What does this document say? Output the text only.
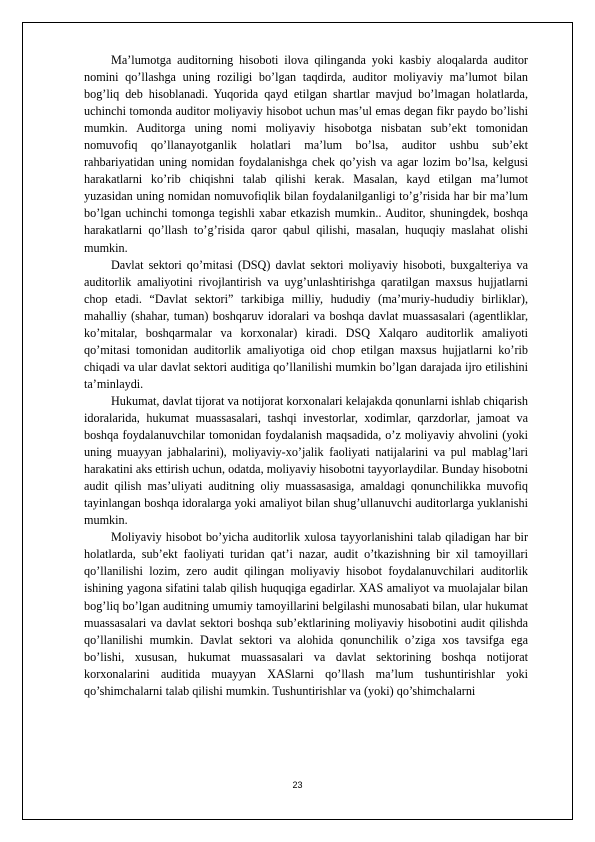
Ma’lumotga auditorning hisoboti ilova qilinganda yoki kasbiy aloqalarda auditor nomini qo’llashga uning roziligi bo’lgan taqdirda, auditor moliyaviy ma’lumot bilan bog’liq deb hisoblanadi. Yuqorida qayd etilgan shartlar mavjud bo’lmagan holatlarda, uchinchi tomonda auditor moliyaviy hisobot uchun mas’ul emas degan fikr paydo bo’lishi mumkin. Auditorga uning nomi moliyaviy hisobotga nisbatan sub’ekt tomonidan nomuvofiq qo’llanayotganlik holatlari ma’lum bo’lsa, auditor ushbu sub’ekt rahbariyatidan uning nomidan foydalanishga chek qo’yish va agar lozim bo’lsa, kelgusi harakatlarni ko’rib chiqishni talab qilishi kerak. Masalan, kayd etilgan ma’lumot yuzasidan uning nomidan nomuvofiqlik bilan foydalanilganligi to’g’risida har bir ma’lum bo’lgan uchinchi tomonga tegishli xabar etkazish mumkin.. Auditor, shuningdek, boshqa harakatlarni qo’llash to’g’risida qaror qabul qilishi, masalan, huquqiy maslahat olishi mumkin.

Davlat sektori qo’mitasi (DSQ) davlat sektori moliyaviy hisoboti, buxgalteriya va auditorlik amaliyotini rivojlantirish va uyg’unlashtirishga qaratilgan maxsus hujjatlarni chop etadi. “Davlat sektori” tarkibiga milliy, hududiy (ma’muriy-hududiy birliklar), mahalliy (shahar, tuman) boshqaruv idoralari va boshqa davlat muassasalari (agentliklar, ko’mitalar, boshqarmalar va korxonalar) kiradi. DSQ Xalqaro auditorlik amaliyoti qo’mitasi tomonidan auditorlik amaliyotiga oid chop etilgan maxsus hujjatlarni ko’rib chiqadi va ular davlat sektori auditiga qo’llanilishi mumkin bo’lgan darajada ijro etilishini ta’minlaydi.

Hukumat, davlat tijorat va notijorat korxonalari kelajakda qonunlarni ishlab chiqarish idoralarida, hukumat muassasalari, tashqi investorlar, xodimlar, qarzdorlar, jamoat va boshqa foydalanuvchilar tomonidan foydalanish maqsadida, o’z moliyaviy ahvolini (yoki uning muayyan jabhalarini), moliyaviy-xo’jalik faoliyati natijalarini va pul mablag’lari harakatini aks ettirish uchun, odatda, moliyaviy hisobotni tayyorlaydilar. Bunday hisobotni audit qilish mas’uliyati auditning oliy muassasasiga, amaldagi qonunchilikka muvofiq tayinlangan boshqa idoralarga yoki amaliyot bilan shug’ullanuvchi auditorlarga yuklanishi mumkin.

Moliyaviy hisobot bo’yicha auditorlik xulosa tayyorlanishini talab qiladigan har bir holatlarda, sub’ekt faoliyati turidan qat’i nazar, audit o’tkazishning bir xil tamoyillari qo’llanilishi lozim, zero audit qilingan moliyaviy hisobot foydalanuvchilari auditorlik ishining yagona sifatini talab qilish huquqiga egadirlar. XAS amaliyot va muolajalar bilan bog’liq bo’lgan auditning umumiy tamoyillarini belgilashi munosabati bilan, ular hukumat muassasalari va davlat sektori boshqa sub’ektlarining moliyaviy hisobotini audit qilishda qo’llanilishi mumkin. Davlat sektori va alohida qonunchilik o’ziga xos tavsifga ega bo’lishi, xususan, hukumat muassasalari va davlat sektorining boshqa notijorat korxonalarini auditida muayyan XASlarni qo’llash ma’lum tushuntirishlar yoki qo’shimchalarni talab qilishi mumkin. Tushuntirishlar va (yoki) qo’shimchalarni

23
